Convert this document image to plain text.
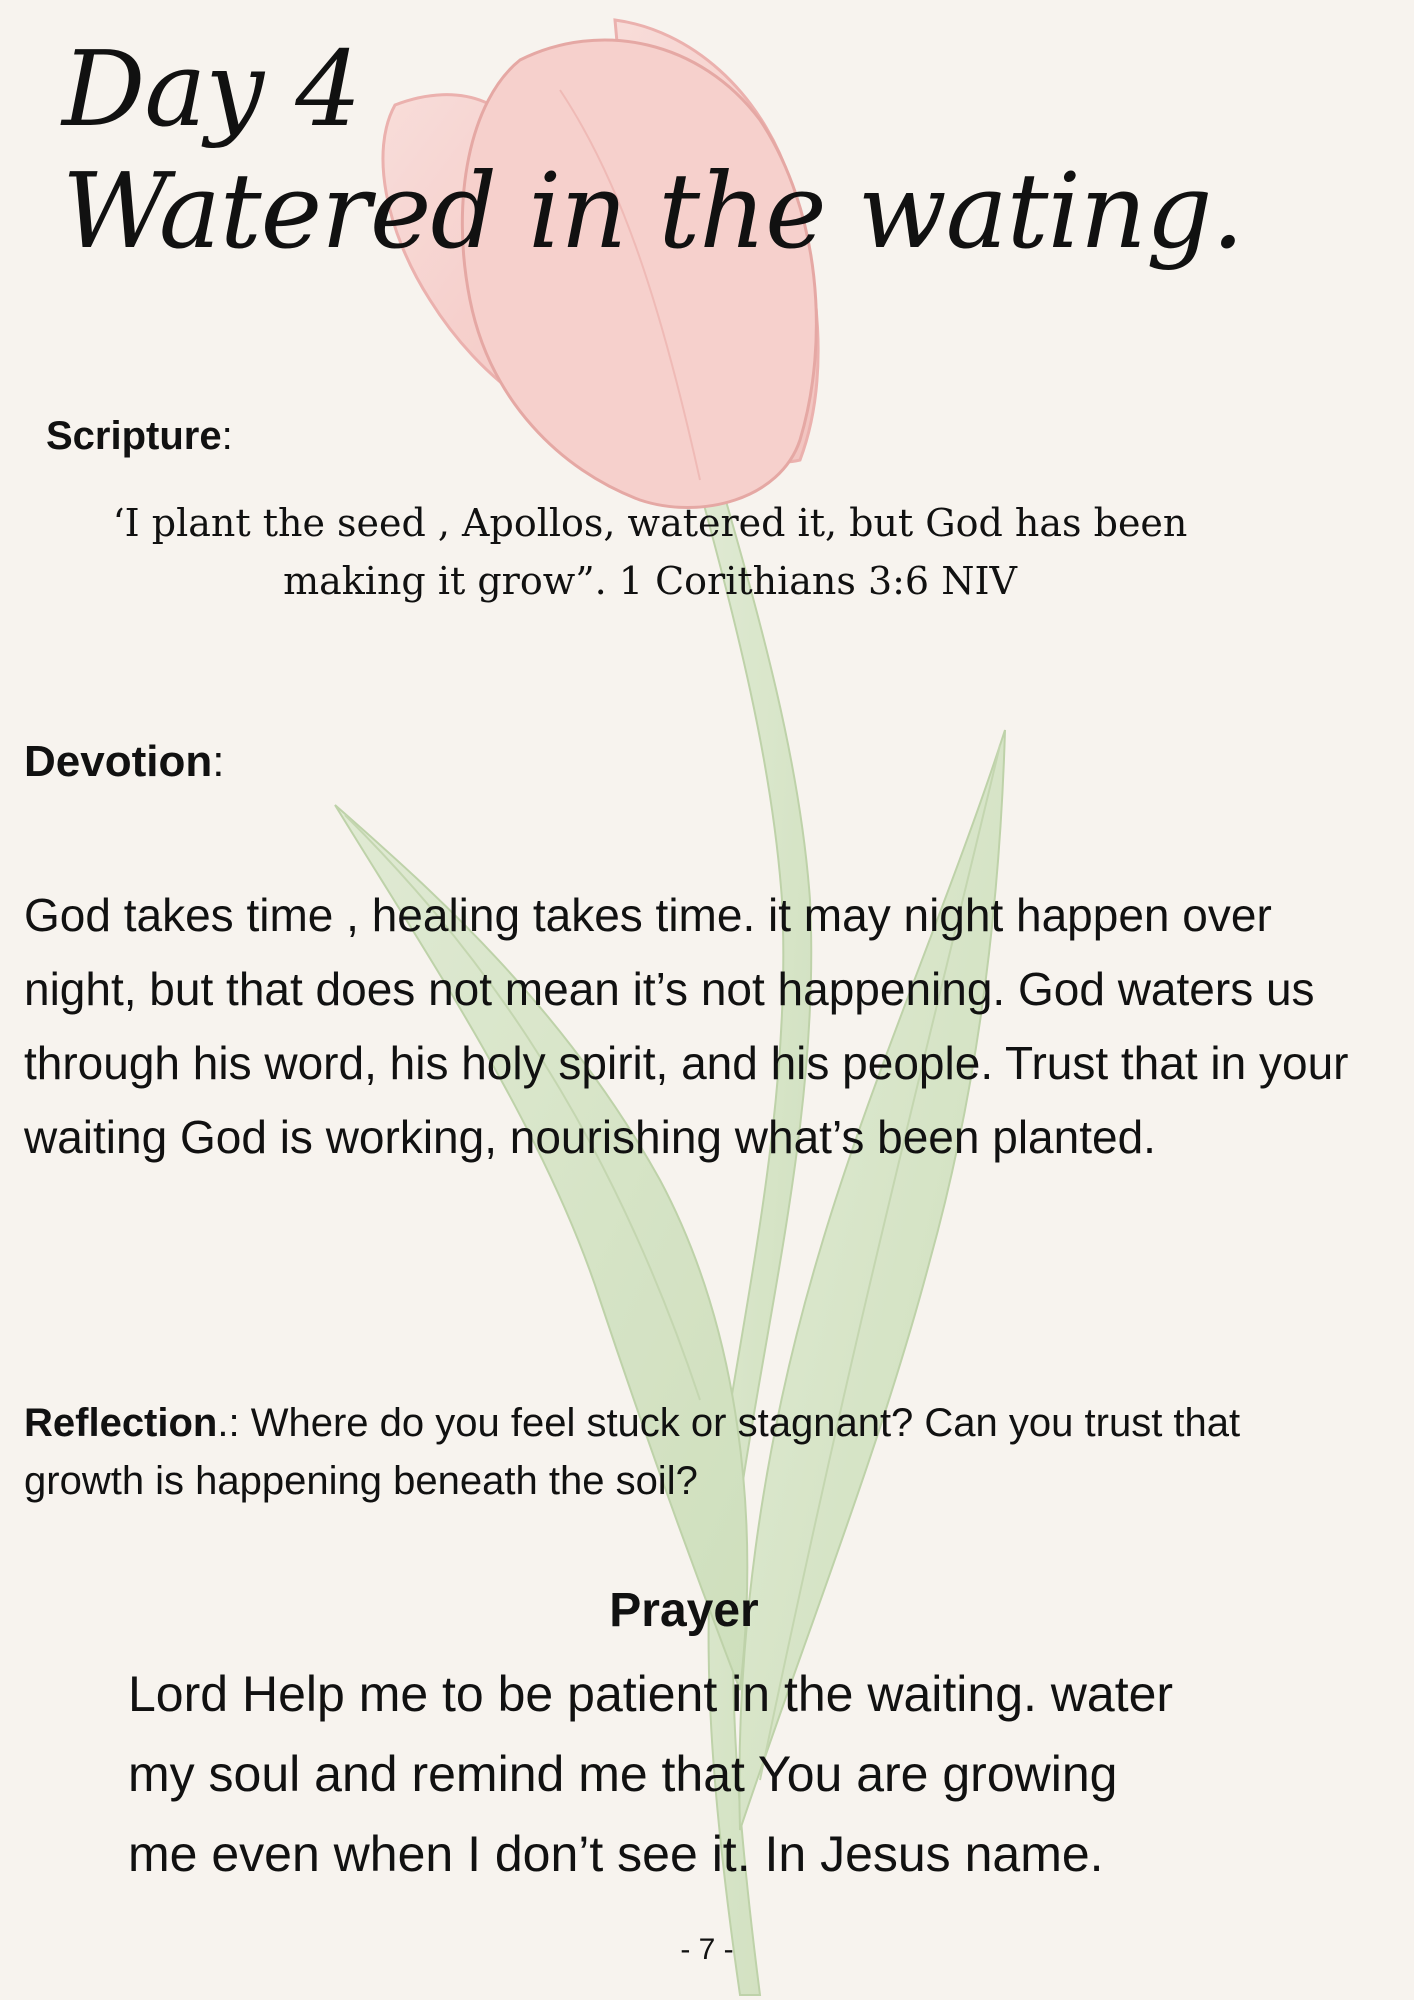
Day 4
Watered in the wating.
Scripture:
‘I plant the seed , Apollos, watered it, but God has been
making it grow”. 1 Corithians 3:6 NIV
Devotion:

God takes time , healing takes time. it may night happen over night, but that does not mean it’s not happening. God waters us through his word, his holy spirit, and his people. Trust that in your waiting God is working, nourishing what’s been planted.

Reflection.: Where do you feel stuck or stagnant? Can you trust that growth is happening beneath the soil?

Prayer
Lord Help me to be patient in the waiting. water
my soul and remind me that You are growing
me even when I don’t see it. In Jesus name.
- 7 -
